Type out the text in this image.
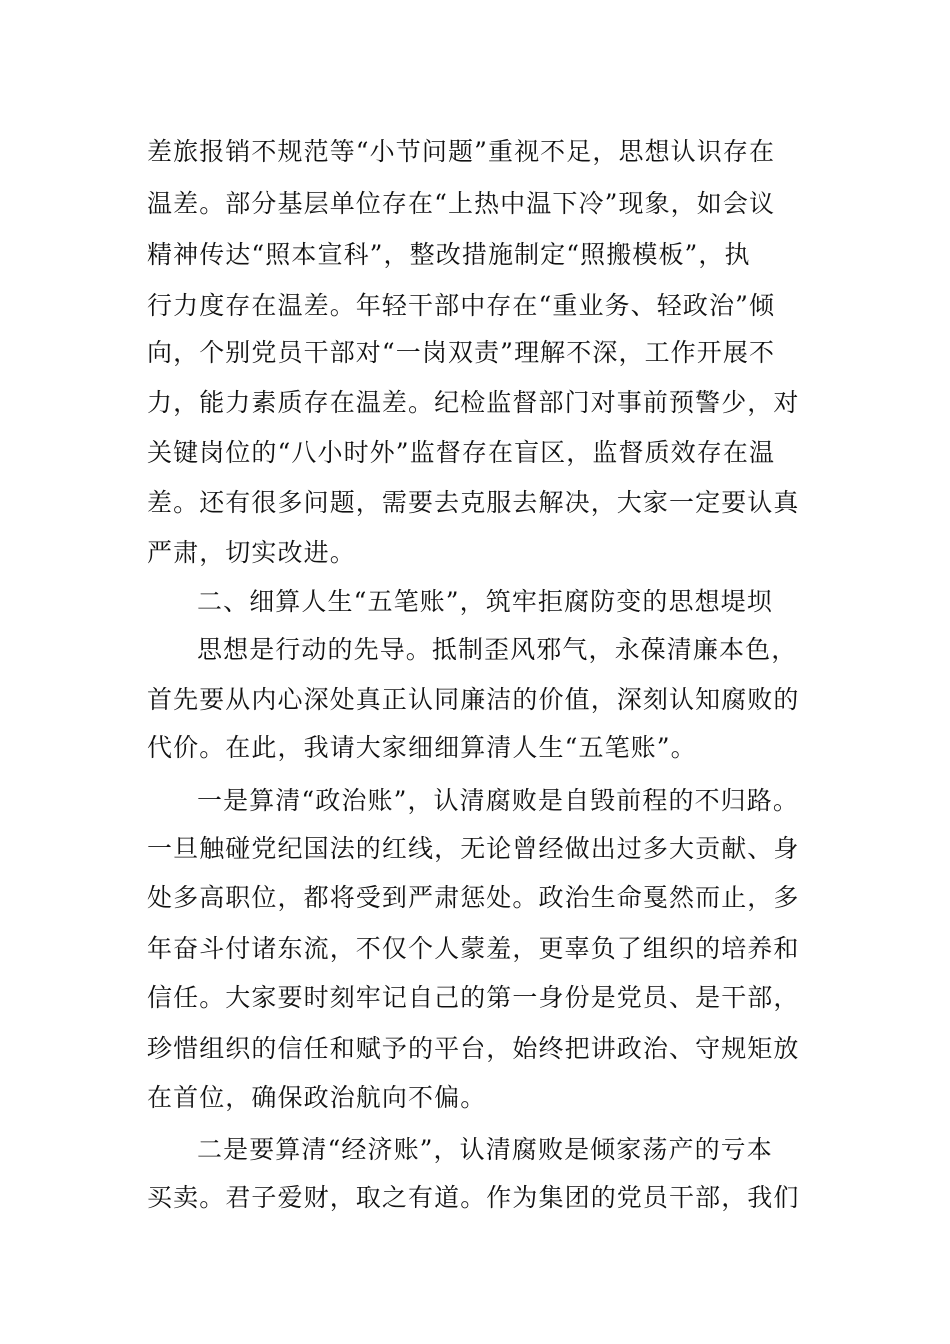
差旅报销不规范等“小节问题”重视不足，思想认识存在
温差。部分基层单位存在“上热中温下冷”现象，如会议
精神传达“照本宣科”，整改措施制定“照搬模板”，执
行力度存在温差。年轻干部中存在“重业务、轻政治”倾
向，个别党员干部对“一岗双责”理解不深，工作开展不
力，能力素质存在温差。纪检监督部门对事前预警少，对
关键岗位的“八小时外”监督存在盲区，监督质效存在温
差。还有很多问题，需要去克服去解决，大家一定要认真
严肃，切实改进。
二、细算人生“五笔账”，筑牢拒腐防变的思想堤坝
思想是行动的先导。抵制歪风邪气，永葆清廉本色，
首先要从内心深处真正认同廉洁的价值，深刻认知腐败的
代价。在此，我请大家细细算清人生“五笔账”。
一是算清“政治账”，认清腐败是自毁前程的不归路。
一旦触碰党纪国法的红线，无论曾经做出过多大贡献、身
处多高职位，都将受到严肃惩处。政治生命戛然而止，多
年奋斗付诸东流，不仅个人蒙羞，更辜负了组织的培养和
信任。大家要时刻牢记自己的第一身份是党员、是干部，
珍惜组织的信任和赋予的平台，始终把讲政治、守规矩放
在首位，确保政治航向不偏。
二是要算清“经济账”，认清腐败是倾家荡产的亏本
买卖。君子爱财，取之有道。作为集团的党员干部，我们
